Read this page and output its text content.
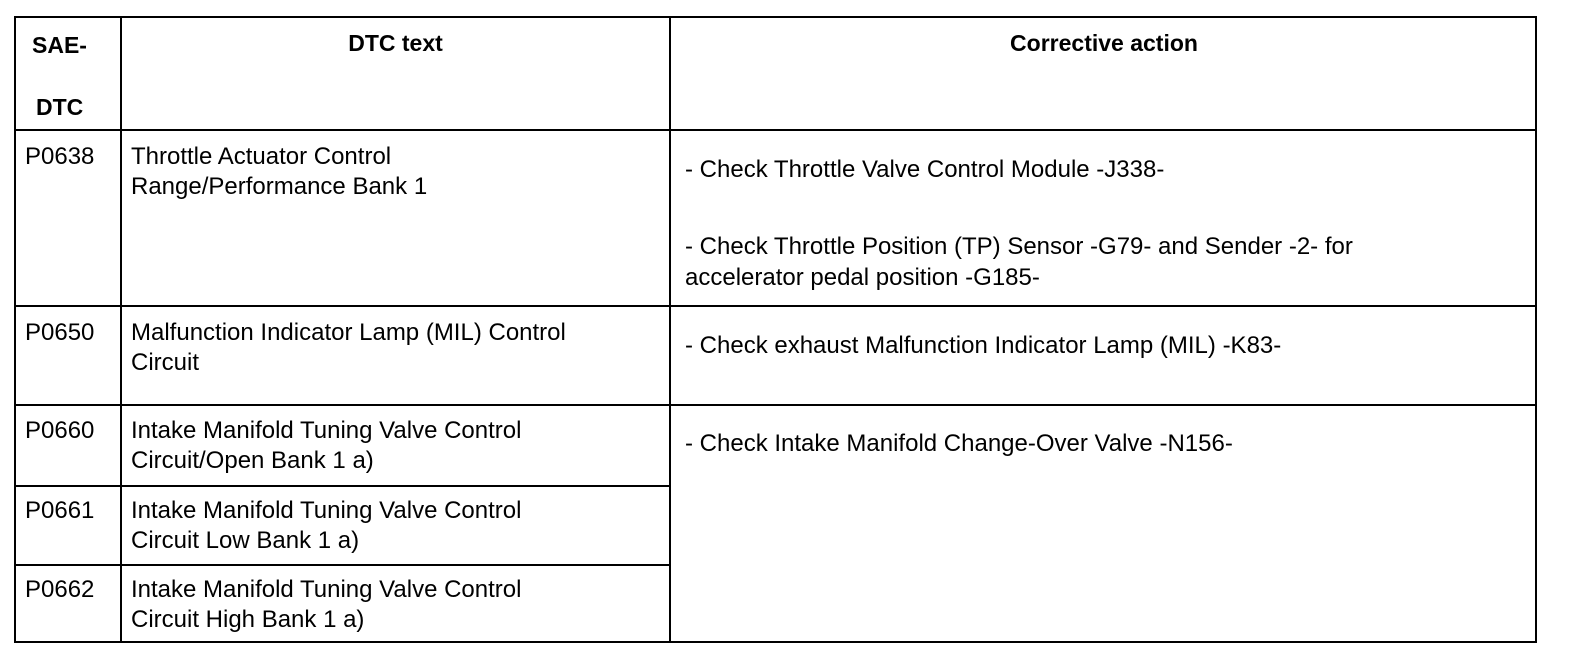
SAE-
DTC
DTC text	Corrective action
P0638 Throttle Actuator Control
Range/Performance Bank 1
- Check Throttle Valve Control Module -J338-
- Check Throttle Position (TP) Sensor -G79- and Sender -2- for
accelerator pedal position -G185-
P0650 Malfunction Indicator Lamp (MIL) Control
Circuit
- Check exhaust Malfunction Indicator Lamp (MIL) -K83-
P0660 Intake Manifold Tuning Valve Control
Circuit/Open Bank 1 a)
- Check Intake Manifold Change-Over Valve -N156-
P0661 Intake Manifold Tuning Valve Control
Circuit Low Bank 1 a)
P0662 Intake Manifold Tuning Valve Control
Circuit High Bank 1 a)
